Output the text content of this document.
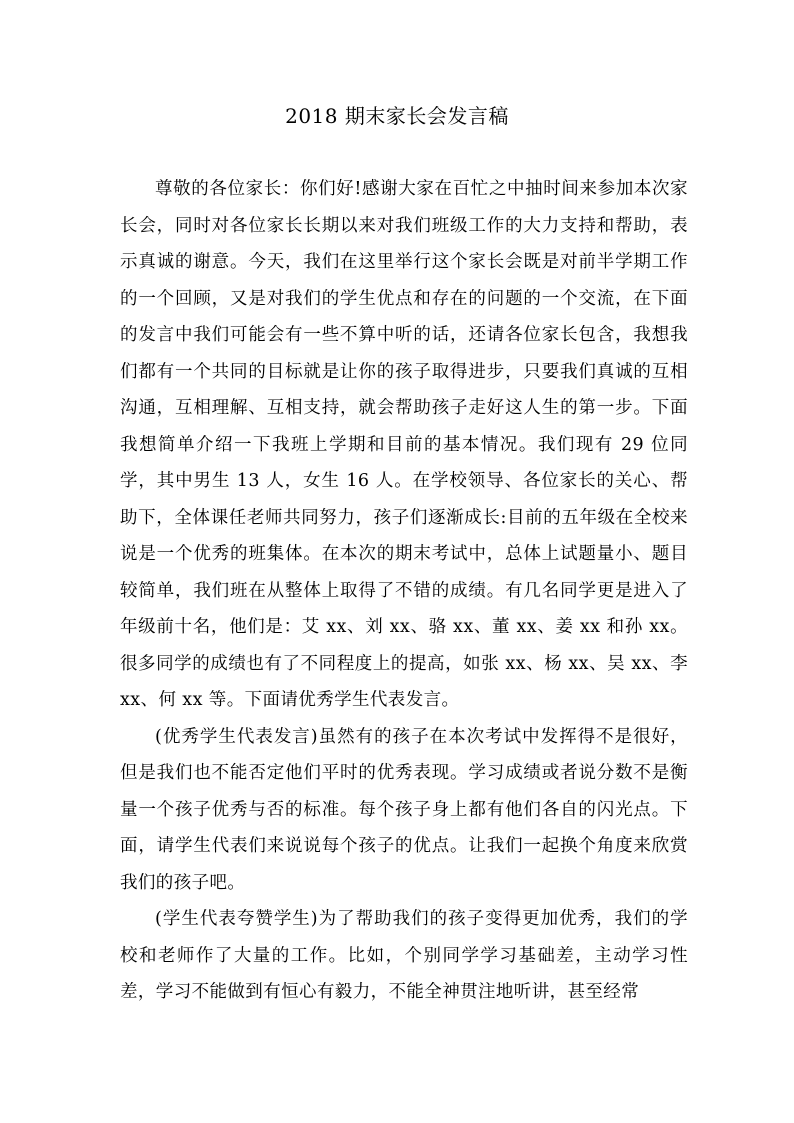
2018 期末家长会发言稿

尊敬的各位家长：你们好!感谢大家在百忙之中抽时间来参加本次家长会，同时对各位家长长期以来对我们班级工作的大力支持和帮助，表示真诚的谢意。今天，我们在这里举行这个家长会既是对前半学期工作的一个回顾，又是对我们的学生优点和存在的问题的一个交流，在下面的发言中我们可能会有一些不算中听的话，还请各位家长包含，我想我们都有一个共同的目标就是让你的孩子取得进步，只要我们真诚的互相沟通，互相理解、互相支持，就会帮助孩子走好这人生的第一步。下面我想简单介绍一下我班上学期和目前的基本情况。我们现有 29 位同学，其中男生 13 人，女生 16 人。在学校领导、各位家长的关心、帮助下，全体课任老师共同努力，孩子们逐渐成长:目前的五年级在全校来说是一个优秀的班集体。在本次的期末考试中，总体上试题量小、题目较简单，我们班在从整体上取得了不错的成绩。有几名同学更是进入了年级前十名，他们是：艾 xx、刘 xx、骆 xx、董 xx、姜 xx 和孙 xx。很多同学的成绩也有了不同程度上的提高，如张 xx、杨 xx、吴 xx、李 xx、何 xx 等。下面请优秀学生代表发言。

(优秀学生代表发言)虽然有的孩子在本次考试中发挥得不是很好，但是我们也不能否定他们平时的优秀表现。学习成绩或者说分数不是衡量一个孩子优秀与否的标准。每个孩子身上都有他们各自的闪光点。下面，请学生代表们来说说每个孩子的优点。让我们一起换个角度来欣赏我们的孩子吧。

(学生代表夸赞学生)为了帮助我们的孩子变得更加优秀，我们的学校和老师作了大量的工作。比如，个别同学学习基础差，主动学习性差，学习不能做到有恒心有毅力，不能全神贯注地听讲，甚至经常
